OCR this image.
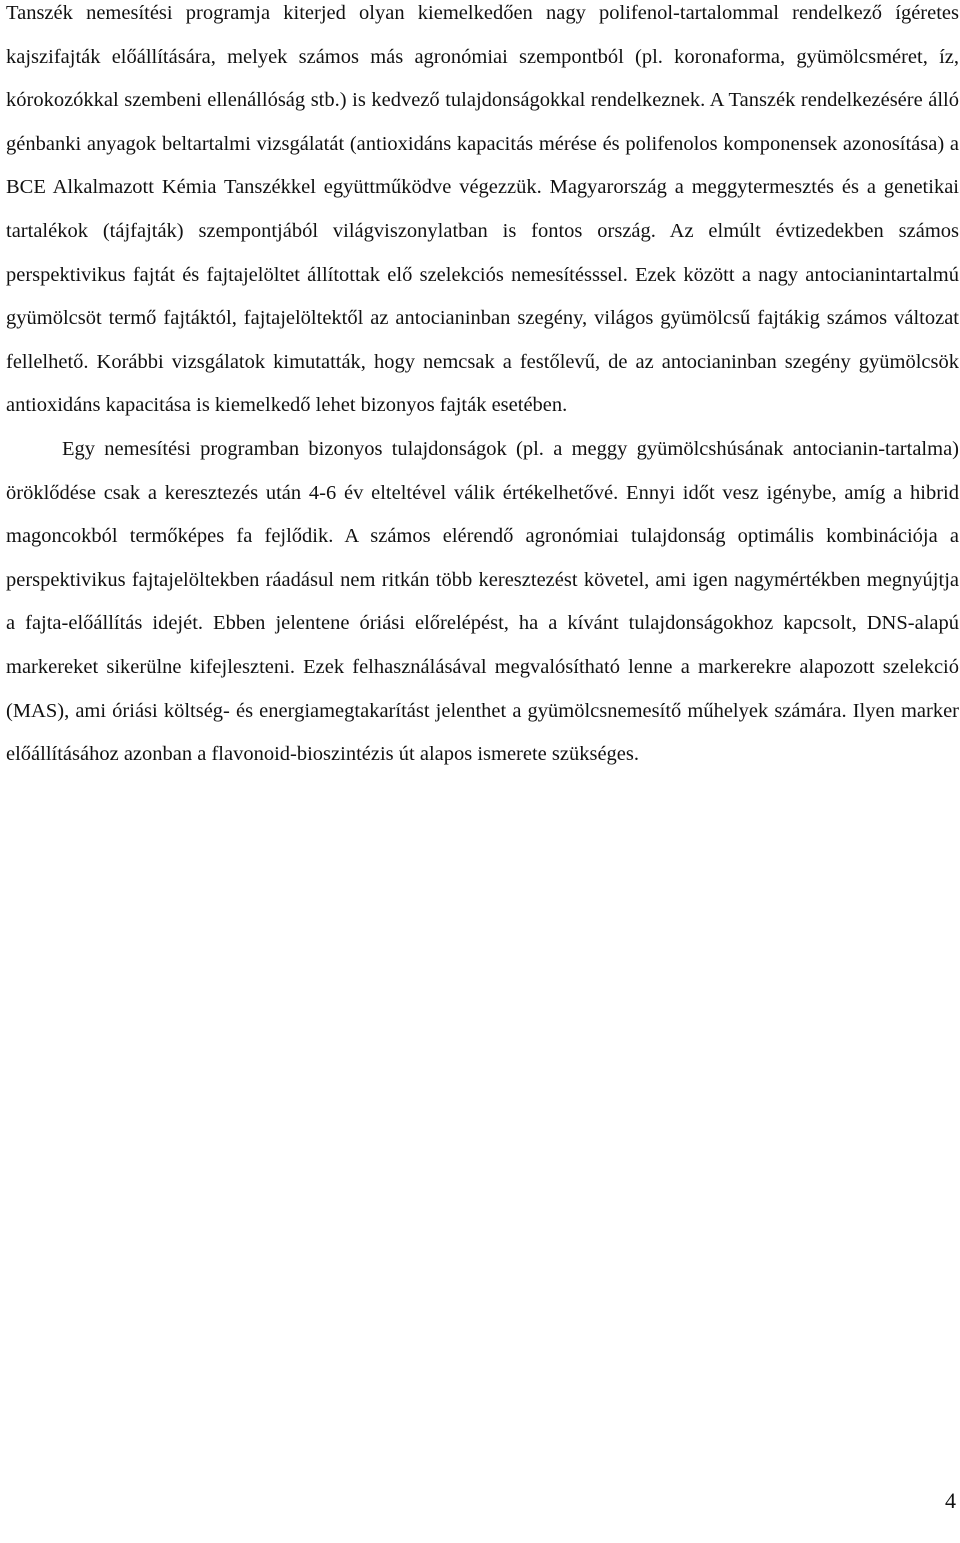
Tanszék nemesítési programja kiterjed olyan kiemelkedően nagy polifenol-tartalommal rendelkező ígéretes kajszifajták előállítására, melyek számos más agronómiai szempontból (pl. koronaforma, gyümölcsméret, íz, kórokozókkal szembeni ellenállóság stb.) is kedvező tulajdonságokkal rendelkeznek. A Tanszék rendelkezésére álló génbanki anyagok beltartalmi vizsgálatát (antioxidáns kapacitás mérése és polifenolos komponensek azonosítása) a BCE Alkalmazott Kémia Tanszékkel együttműködve végezzük. Magyarország a meggytermesztés és a genetikai tartalékok (tájfajták) szempontjából világviszonylatban is fontos ország. Az elmúlt évtizedekben számos perspektivikus fajtát és fajtajelöltet állítottak elő szelekciós nemesítésssel. Ezek között a nagy antocianintartalmú gyümölcsöt termő fajtáktól, fajtajelöltektől az antocianinban szegény, világos gyümölcsű fajtákig számos változat fellelhető. Korábbi vizsgálatok kimutatták, hogy nemcsak a festőlevű, de az antocianinban szegény gyümölcsök antioxidáns kapacitása is kiemelkedő lehet bizonyos fajták esetében.

Egy nemesítési programban bizonyos tulajdonságok (pl. a meggy gyümölcshúsának antocianin-tartalma) öröklődése csak a keresztezés után 4-6 év elteltével válik értékelhetővé. Ennyi időt vesz igénybe, amíg a hibrid magoncokból termőképes fa fejlődik. A számos elérendő agronómiai tulajdonság optimális kombinációja a perspektivikus fajtajelöltekben ráadásul nem ritkán több keresztezést követel, ami igen nagymértékben megnyújtja a fajta-előállítás idejét. Ebben jelentene óriási előrelépést, ha a kívánt tulajdonságokhoz kapcsolt, DNS-alapú markereket sikerülne kifejleszteni. Ezek felhasználásával megvalósítható lenne a markerekre alapozott szelekció (MAS), ami óriási költség- és energiamegtakarítást jelenthet a gyümölcsnemesítő műhelyek számára. Ilyen marker előállításához azonban a flavonoid-bioszintézis út alapos ismerete szükséges.

4
